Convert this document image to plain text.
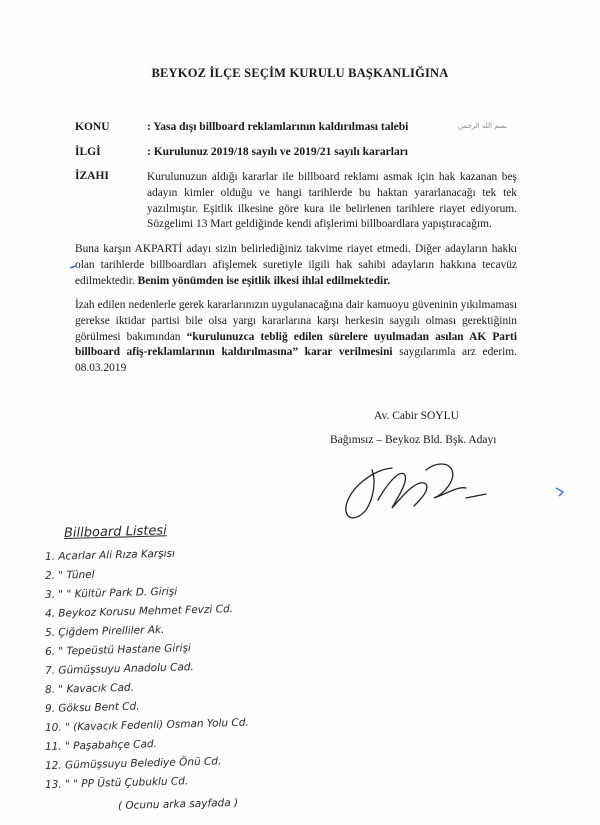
BEYKOZ İLÇE SEÇİM KURULU BAŞKANLIĞINA
KONU	: Yasa dışı billboard reklamlarının kaldırılması talebi	ﺑﺴﻢ ﺍﻟﻠﻪ ﺍﻟﺮﺣﻤﻦ
İLGİ	: Kurulunuz 2019/18 sayılı ve 2019/21 sayılı kararları
İZAHI	Kurulunuzun aldığı kararlar ile billboard reklamı asmak için hak kazanan beş adayın kimler olduğu ve hangi tarihlerde bu haktan yararlanacağı tek tek yazılmıştır. Eşitlik ilkesine göre kura ile belirlenen tarihlere riayet ediyorum. Sözgelimi 13 Mart geldiğinde kendi afişlerimi billboardlara yapıştıracağım.
Buna karşın AKPARTİ adayı sizin belirlediğiniz takvime riayet etmedi. Diğer adayların hakkı olan tarihlerde billboardları afişlemek suretiyle ilgili hak sahibi adayların hakkına tecavüz edilmektedir. Benim yönümden ise eşitlik ilkesi ihlal edilmektedir.
İzah edilen nedenlerle gerek kararlarınızın uygulanacağına dair kamuoyu güveninin yıkılmaması gerekse iktidar partisi bile olsa yargı kararlarına karşı herkesin saygılı olması gerektiğinin görülmesi bakımından “kurulunuzca tebliğ edilen sürelere uyulmadan asılan AK Parti billboard afiş-reklamlarının kaldırılmasına” karar verilmesini saygılarımla arz ederim. 08.03.2019
Av. Cabir SOYLU
Bağımsız – Beykoz Bld. Bşk. Adayı
Billboard Listesi
1. Acarlar Ali Rıza Karşısı
2. " Tünel
3. " " Kültür Park D. Girişi
4. Beykoz Korusu Mehmet Fevzi Cd.
5. Çiğdem Pirelliler Ak.
6. " Tepeüstü Hastane Girişi
7. Gümüşsuyu Anadolu Cad.
8. " Kavacık Cad.
9. Göksu Bent Cd.
10. " (Kavacık Fedenli) Osman Yolu Cd.
11. " Paşabahçe Cad.
12. Gümüşsuyu Belediye Önü Cd.
13. " " PP Üstü Çubuklu Cd.
( Ocunu arka sayfada )
